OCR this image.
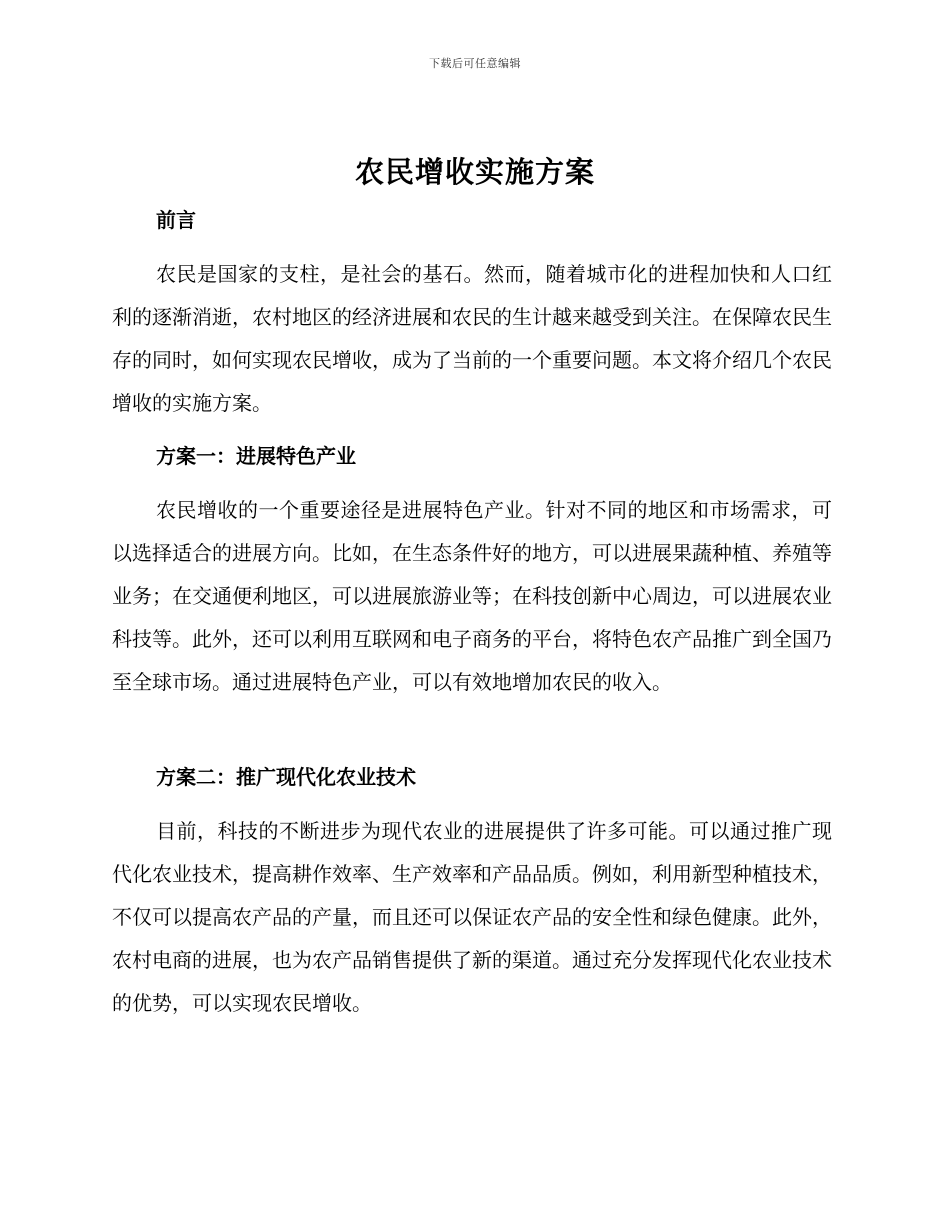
下载后可任意编辑
农民增收实施方案
前言

农民是国家的支柱，是社会的基石。然而，随着城市化的进程加快和人口红利的逐渐消逝，农村地区的经济进展和农民的生计越来越受到关注。在保障农民生存的同时，如何实现农民增收，成为了当前的一个重要问题。本文将介绍几个农民增收的实施方案。

方案一：进展特色产业

农民增收的一个重要途径是进展特色产业。针对不同的地区和市场需求，可以选择适合的进展方向。比如，在生态条件好的地方，可以进展果蔬种植、养殖等业务；在交通便利地区，可以进展旅游业等；在科技创新中心周边，可以进展农业科技等。此外，还可以利用互联网和电子商务的平台，将特色农产品推广到全国乃至全球市场。通过进展特色产业，可以有效地增加农民的收入。

方案二：推广现代化农业技术

目前，科技的不断进步为现代农业的进展提供了许多可能。可以通过推广现代化农业技术，提高耕作效率、生产效率和产品品质。例如，利用新型种植技术，不仅可以提高农产品的产量，而且还可以保证农产品的安全性和绿色健康。此外，农村电商的进展，也为农产品销售提供了新的渠道。通过充分发挥现代化农业技术的优势，可以实现农民增收。
